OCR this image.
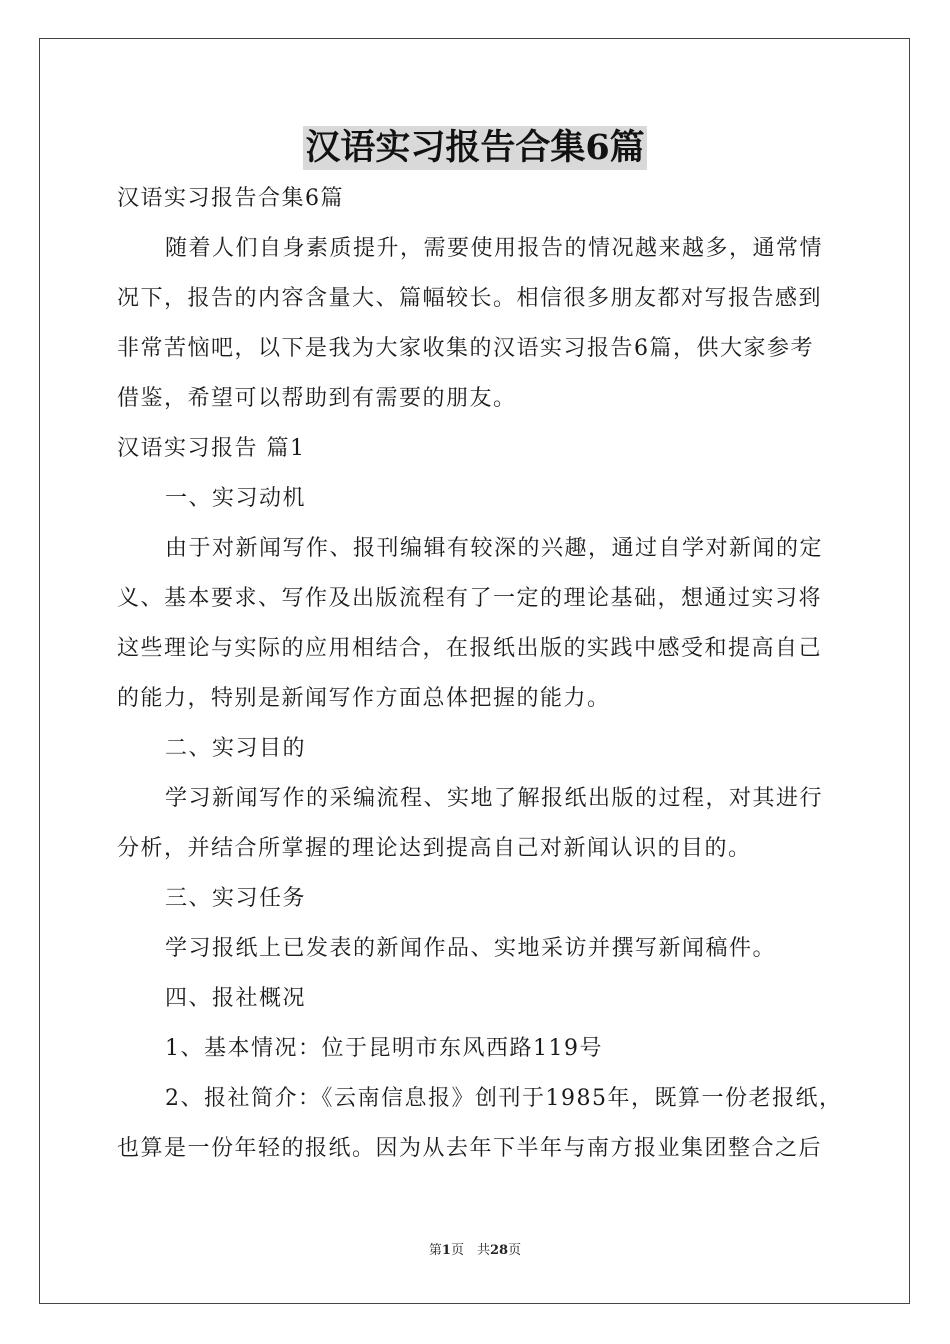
汉语实习报告合集6篇
汉语实习报告合集6篇
随着人们自身素质提升，需要使用报告的情况越来越多，通常情
况下，报告的内容含量大、篇幅较长。相信很多朋友都对写报告感到
非常苦恼吧，以下是我为大家收集的汉语实习报告6篇，供大家参考
借鉴，希望可以帮助到有需要的朋友。
汉语实习报告 篇1
一、实习动机
由于对新闻写作、报刊编辑有较深的兴趣，通过自学对新闻的定
义、基本要求、写作及出版流程有了一定的理论基础，想通过实习将
这些理论与实际的应用相结合，在报纸出版的实践中感受和提高自己
的能力，特别是新闻写作方面总体把握的能力。
二、实习目的
学习新闻写作的采编流程、实地了解报纸出版的过程，对其进行
分析，并结合所掌握的理论达到提高自己对新闻认识的目的。
三、实习任务
学习报纸上已发表的新闻作品、实地采访并撰写新闻稿件。
四、报社概况
1、基本情况：位于昆明市东风西路119号
2、报社简介：《云南信息报》创刊于1985年，既算一份老报纸，
也算是一份年轻的报纸。因为从去年下半年与南方报业集团整合之后
第1页　共28页
